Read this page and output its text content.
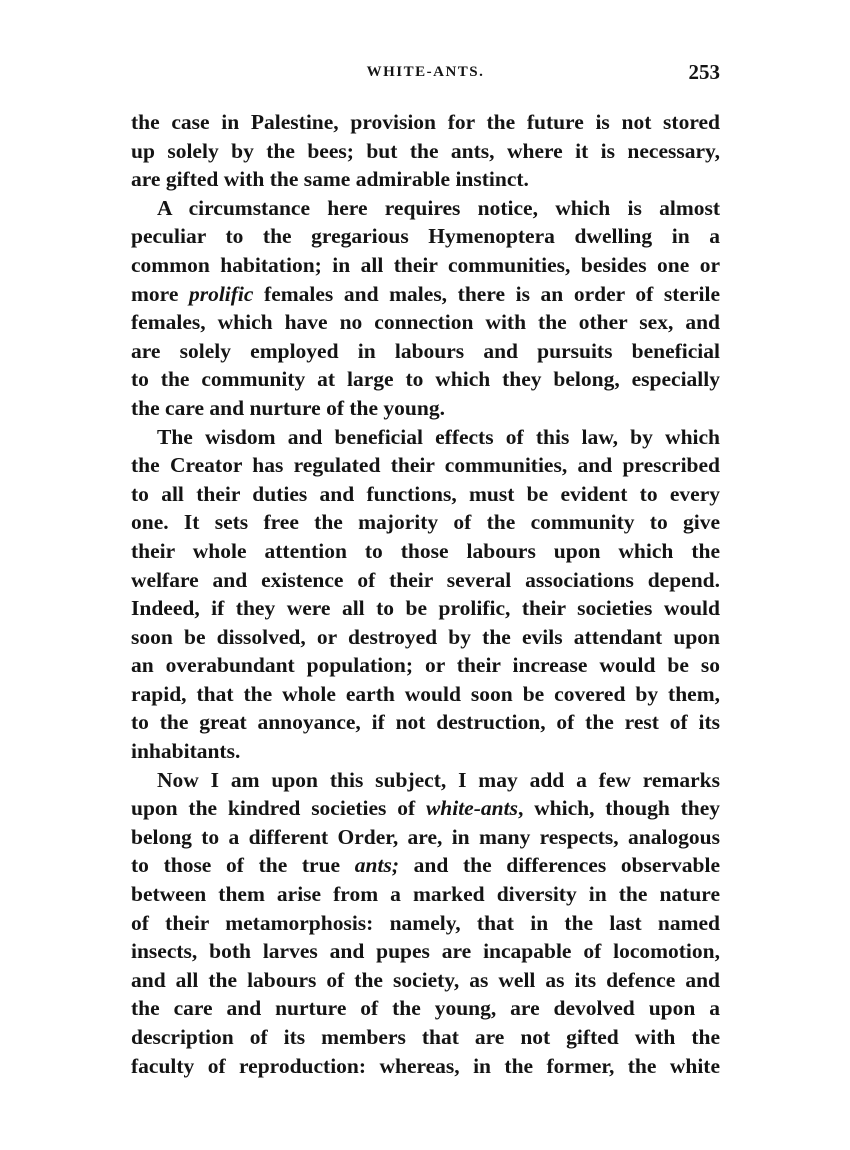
WHITE-ANTS.	253
the case in Palestine, provision for the future is not stored
up solely by the bees; but the ants, where it is necessary,
are gifted with the same admirable instinct.
A circumstance here requires notice, which is almost
peculiar to the gregarious Hymenoptera dwelling in a
common habitation; in all their communities, besides one or
more prolific females and males, there is an order of sterile
females, which have no connection with the other sex, and
are solely employed in labours and pursuits beneficial
to the community at large to which they belong, especially
the care and nurture of the young.
The wisdom and beneficial effects of this law, by which
the Creator has regulated their communities, and prescribed
to all their duties and functions, must be evident to every
one. It sets free the majority of the community to give
their whole attention to those labours upon which the
welfare and existence of their several associations depend.
Indeed, if they were all to be prolific, their societies would
soon be dissolved, or destroyed by the evils attendant upon
an overabundant population; or their increase would be so
rapid, that the whole earth would soon be covered by them,
to the great annoyance, if not destruction, of the rest of its
inhabitants.
Now I am upon this subject, I may add a few remarks
upon the kindred societies of white-ants, which, though they
belong to a different Order, are, in many respects, analogous
to those of the true ants; and the differences observable
between them arise from a marked diversity in the nature
of their metamorphosis: namely, that in the last named
insects, both larves and pupes are incapable of locomotion,
and all the labours of the society, as well as its defence and
the care and nurture of the young, are devolved upon a
description of its members that are not gifted with the
faculty of reproduction: whereas, in the former, the white
